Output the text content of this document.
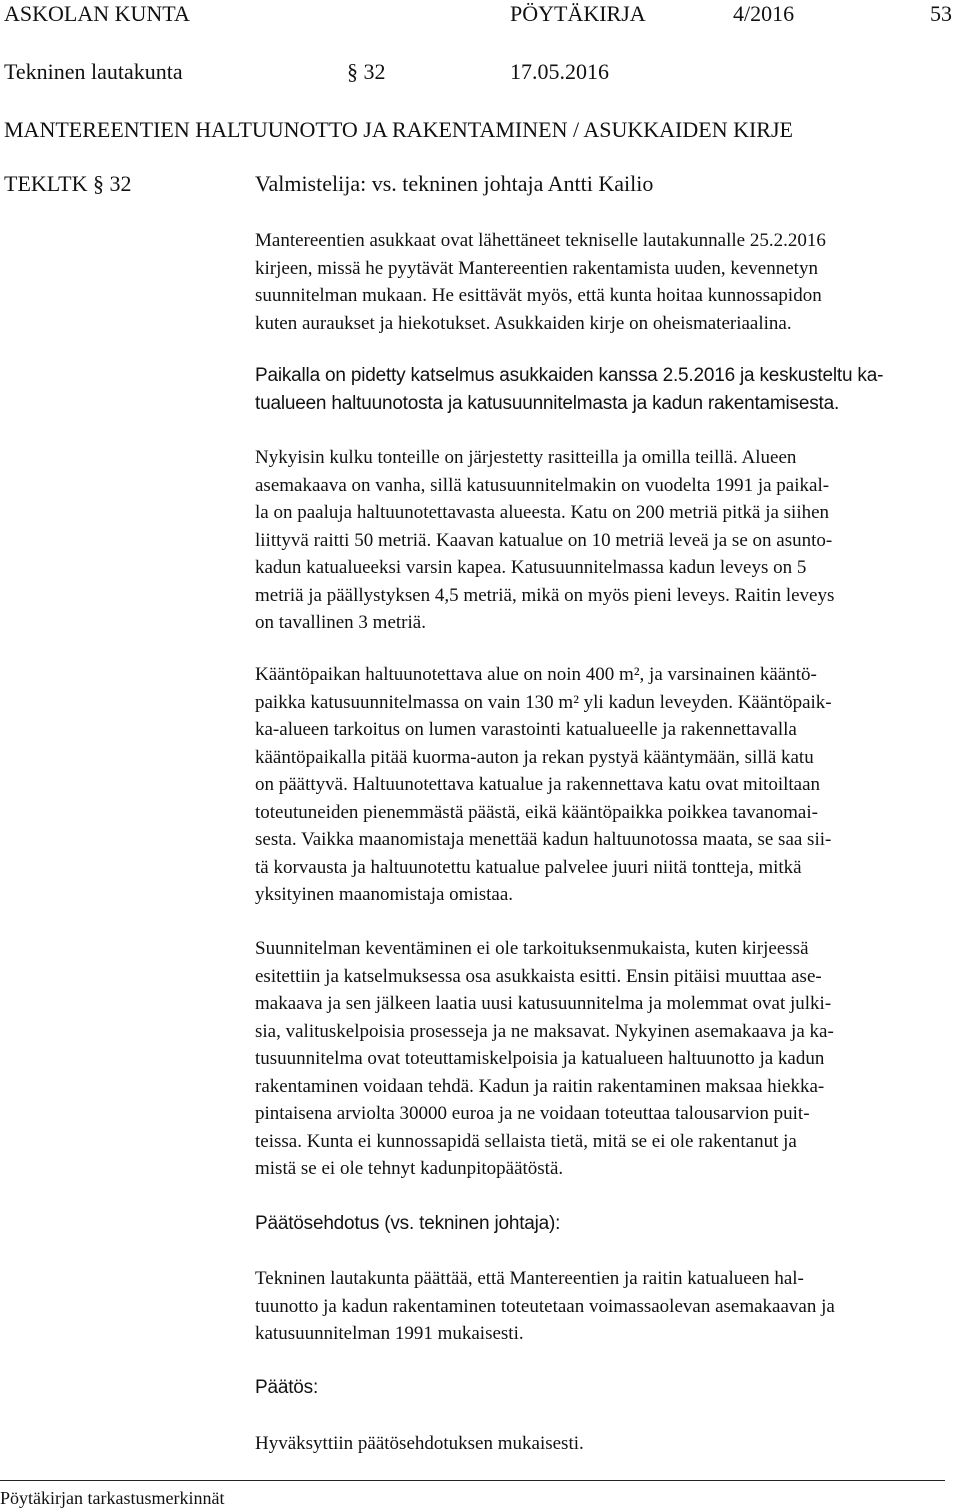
ASKOLAN KUNTA	PÖYTÄKIRJA	4/2016	53
Tekninen lautakunta	§ 32	17.05.2016
MANTEREENTIEN HALTUUNOTTO JA RAKENTAMINEN / ASUKKAIDEN KIRJE
TEKLTK § 32	Valmistelija: vs. tekninen johtaja Antti Kailio
Mantereentien asukkaat ovat lähettäneet tekniselle lautakunnalle 25.2.2016
kirjeen, missä he pyytävät Mantereentien rakentamista uuden, kevennetyn
suunnitelman mukaan. He esittävät myös, että kunta hoitaa kunnossapidon
kuten auraukset ja hiekotukset. Asukkaiden kirje on oheismateriaalina.
Paikalla on pidetty katselmus asukkaiden kanssa 2.5.2016 ja keskusteltu ka-
tualueen haltuunotosta ja katusuunnitelmasta ja kadun rakentamisesta.
Nykyisin kulku tonteille on järjestetty rasitteilla ja omilla teillä. Alueen
asemakaava on vanha, sillä katusuunnitelmakin on vuodelta 1991 ja paikal-
la on paaluja haltuunotettavasta alueesta. Katu on 200 metriä pitkä ja siihen
liittyvä raitti 50 metriä. Kaavan katualue on 10 metriä leveä ja se on asunto-
kadun katualueeksi varsin kapea. Katusuunnitelmassa kadun leveys on 5
metriä ja päällystyksen 4,5 metriä, mikä on myös pieni leveys. Raitin leveys
on tavallinen 3 metriä.
Kääntöpaikan haltuunotettava alue on noin 400 m², ja varsinainen kääntö-
paikka katusuunnitelmassa on vain 130 m² yli kadun leveyden. Kääntöpaik-
ka-alueen tarkoitus on lumen varastointi katualueelle ja rakennettavalla
kääntöpaikalla pitää kuorma-auton ja rekan pystyä kääntymään, sillä katu
on päättyvä. Haltuunotettava katualue ja rakennettava katu ovat mitoiltaan
toteutuneiden pienemmästä päästä, eikä kääntöpaikka poikkea tavanomai-
sesta. Vaikka maanomistaja menettää kadun haltuunotossa maata, se saa sii-
tä korvausta ja haltuunotettu katualue palvelee juuri niitä tontteja, mitkä
yksityinen maanomistaja omistaa.
Suunnitelman keventäminen ei ole tarkoituksenmukaista, kuten kirjeessä
esitettiin ja katselmuksessa osa asukkaista esitti. Ensin pitäisi muuttaa ase-
makaava ja sen jälkeen laatia uusi katusuunnitelma ja molemmat ovat julki-
sia, valituskelpoisia prosesseja ja ne maksavat. Nykyinen asemakaava ja ka-
tusuunnitelma ovat toteuttamiskelpoisia ja katualueen haltuunotto ja kadun
rakentaminen voidaan tehdä. Kadun ja raitin rakentaminen maksaa hiekka-
pintaisena arviolta 30000 euroa ja ne voidaan toteuttaa talousarvion puit-
teissa. Kunta ei kunnossapidä sellaista tietä, mitä se ei ole rakentanut ja
mistä se ei ole tehnyt kadunpitopäätöstä.
Päätösehdotus (vs. tekninen johtaja):
Tekninen lautakunta päättää, että Mantereentien ja raitin katualueen hal-
tuunotto ja kadun rakentaminen toteutetaan voimassaolevan asemakaavan ja
katusuunnitelman 1991 mukaisesti.
Päätös:
Hyväksyttiin päätösehdotuksen mukaisesti.
Pöytäkirjan tarkastusmerkinnät
